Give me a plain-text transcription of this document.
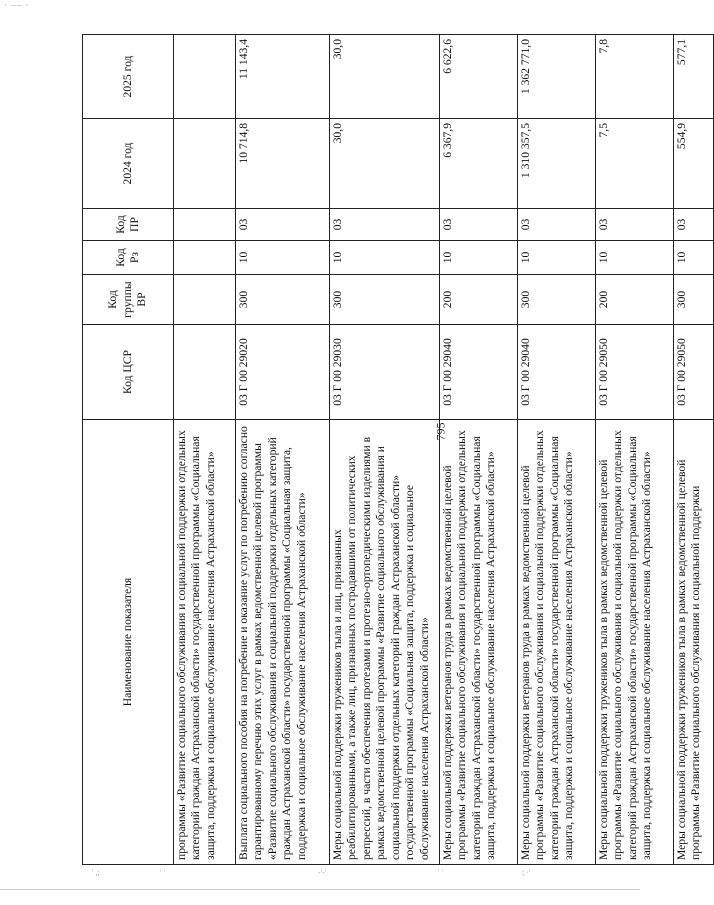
· –– ·
' ,;	' '	-'-'	' '	; ·'
795
Наименование показателя	Код ЦСР	Код группы ВР	Код Рз	Код ПР	2024 год	2025 год
программы «Развитие социального обслуживания и социальной поддержки отдельных категорий граждан Астраханской области» государственной программы «Социальная защита, поддержка и социальное обслуживание населения Астраханской области»						
Выплата социального пособия на погребение и оказание услуг по погребению согласно гарантированному перечню этих услуг в рамках ведомственной целевой программы «Развитие социального обслуживания и социальной поддержки отдельных категорий граждан Астраханской области» государственной программы «Социальная защита, поддержка и социальное обслуживание населения Астраханской области»	03 Г 00 29020	300	10	03	10 714,8	11 143,4
Меры социальной поддержки тружеников тыла и лиц, признанных реабилитированными, а также лиц, признанных пострадавшими от политических репрессий, в части обеспечения протезами и протезно-ортопедическими изделиями в рамках ведомственной целевой программы «Развитие социального обслуживания и социальной поддержки отдельных категорий граждан Астраханской области» государственной программы «Социальная защита, поддержка и социальное обслуживание населения Астраханской области»	03 Г 00 29030	300	10	03	30,0	30,0
Меры социальной поддержки ветеранов труда в рамках ведомственной целевой программы «Развитие социального обслуживания и социальной поддержки отдельных категорий граждан Астраханской области» государственной программы «Социальная защита, поддержка и социальное обслуживание населения Астраханской области»	03 Г 00 29040	200	10	03	6 367,9	6 622,6
Меры социальной поддержки ветеранов труда в рамках ведомственной целевой программы «Развитие социального обслуживания и социальной поддержки отдельных категорий граждан Астраханской области» государственной программы «Социальная защита, поддержка и социальное обслуживание населения Астраханской области»	03 Г 00 29040	300	10	03	1 310 357,5	1 362 771,0
Меры социальной поддержки тружеников тыла в рамках ведомственной целевой программы «Развитие социального обслуживания и социальной поддержки отдельных категорий граждан Астраханской области» государственной программы «Социальная защита, поддержка и социальное обслуживание населения Астраханской области»	03 Г 00 29050	200	10	03	7,5	7,8
Меры социальной поддержки тружеников тыла в рамках ведомственной целевой программы «Развитие социального обслуживания и социальной поддержки	03 Г 00 29050	300	10	03	554,9	577,1
